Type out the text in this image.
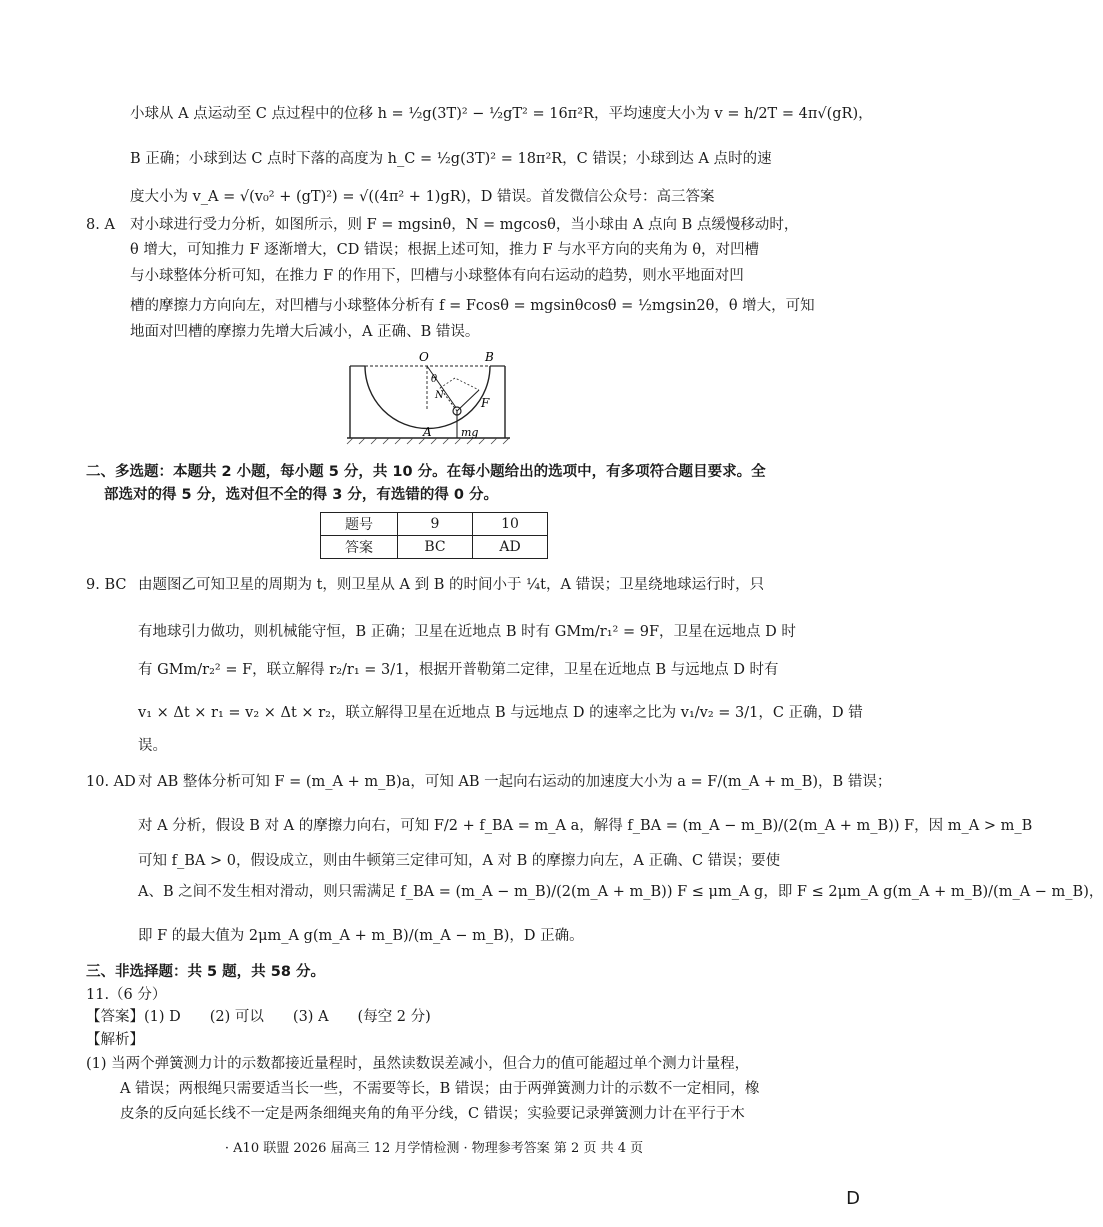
小球从 A 点运动至 C 点过程中的位移 h = ½g(3T)² − ½gT² = 16π²R，平均速度大小为 v = h/2T = 4π√(gR)，
B 正确；小球到达 C 点时下落的高度为 h_C = ½g(3T)² = 18π²R，C 错误；小球到达 A 点时的速
度大小为 v_A = √(v₀² + (gT)²) = √((4π² + 1)gR)，D 错误。首发微信公众号：高三答案
8. A 对小球进行受力分析，如图所示，则 F = mgsinθ，N = mgcosθ，当小球由 A 点向 B 点缓慢移动时，
θ 增大，可知推力 F 逐渐增大，CD 错误；根据上述可知，推力 F 与水平方向的夹角为 θ，对凹槽
与小球整体分析可知，在推力 F 的作用下，凹槽与小球整体有向右运动的趋势，则水平地面对凹
槽的摩擦力方向向左，对凹槽与小球整体分析有 f = Fcosθ = mgsinθcosθ = ½mgsin2θ，θ 增大，可知
地面对凹槽的摩擦力先增大后减小，A 正确、B 错误。
O	B
θ
N
F
A	mg
二、多选题：本题共 2 小题，每小题 5 分，共 10 分。在每小题给出的选项中，有多项符合题目要求。全
部选对的得 5 分，选对但不全的得 3 分，有选错的得 0 分。
题号	9	10
答案	BC	AD
9. BC 由题图乙可知卫星的周期为 t，则卫星从 A 到 B 的时间小于 ¼t，A 错误；卫星绕地球运行时，只
有地球引力做功，则机械能守恒，B 正确；卫星在近地点 B 时有 GMm/r₁² = 9F，卫星在远地点 D 时
有 GMm/r₂² = F，联立解得 r₂/r₁ = 3/1，根据开普勒第二定律，卫星在近地点 B 与远地点 D 时有
v₁ × Δt × r₁ = v₂ × Δt × r₂，联立解得卫星在近地点 B 与远地点 D 的速率之比为 v₁/v₂ = 3/1，C 正确，D 错
误。
10. AD 对 AB 整体分析可知 F = (m_A + m_B)a，可知 AB 一起向右运动的加速度大小为 a = F/(m_A + m_B)，B 错误；
对 A 分析，假设 B 对 A 的摩擦力向右，可知 F/2 + f_BA = m_A a，解得 f_BA = (m_A − m_B)/(2(m_A + m_B)) F，因 m_A > m_B
可知 f_BA > 0，假设成立，则由牛顿第三定律可知，A 对 B 的摩擦力向左，A 正确、C 错误；要使
A、B 之间不发生相对滑动，则只需满足 f_BA = (m_A − m_B)/(2(m_A + m_B)) F ≤ μm_A g，即 F ≤ 2μm_A g(m_A + m_B)/(m_A − m_B)，
即 F 的最大值为 2μm_A g(m_A + m_B)/(m_A − m_B)，D 正确。
三、非选择题：共 5 题，共 58 分。
11.（6 分）
【答案】(1) D　　(2) 可以　　(3) A　　(每空 2 分)
【解析】
(1) 当两个弹簧测力计的示数都接近量程时，虽然读数误差减小，但合力的值可能超过单个测力计量程，
A 错误；两根绳只需要适当长一些，不需要等长，B 错误；由于两弹簧测力计的示数不一定相同，橡
皮条的反向延长线不一定是两条细绳夹角的角平分线，C 错误；实验要记录弹簧测力计在平行于木
· A10 联盟 2026 届高三 12 月学情检测 · 物理参考答案 第 2 页 共 4 页
D
